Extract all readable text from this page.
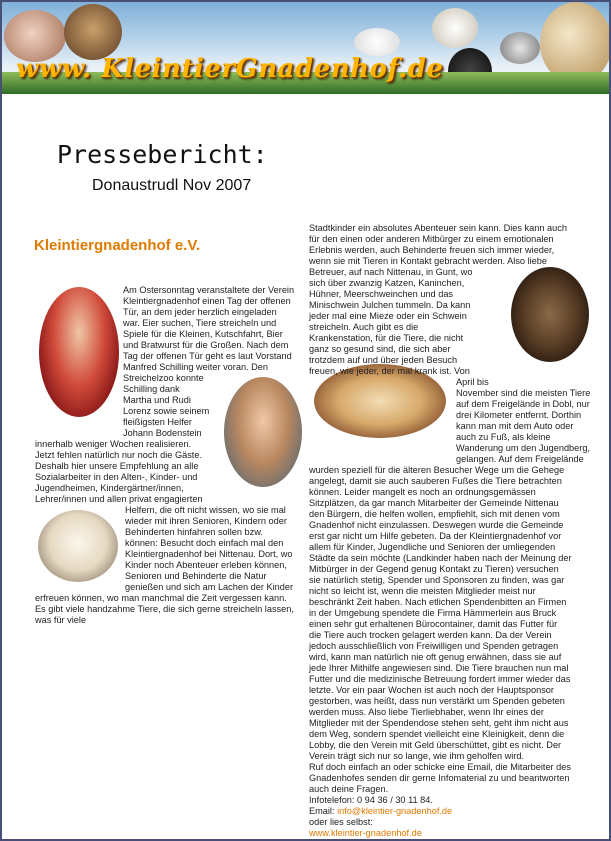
www. KleintierGnadenhof.de
Pressebericht:
Donaustrudl Nov 2007
Kleintiergnadenhof e.V.
Am Ostersonntag veranstaltete der Verein
Kleintiergnadenhof einen Tag der offenen
Tür, an dem jeder herzlich eingeladen
war. Eier suchen, Tiere streicheln und
Spiele für die Kleinen, Kutschfahrt, Bier
und Bratwurst für die Großen. Nach dem
Tag der offenen Tür geht es laut Vorstand
Manfred Schilling weiter voran. Den
Streichelzoo konnte
Schilling dank
Martha und Rudi
Lorenz sowie seinem
fleißigsten Helfer
Johann Bodenstein
innerhalb weniger Wochen realisieren.
Jetzt fehlen natürlich nur noch die Gäste.
Deshalb hier unsere Empfehlung an alle
Sozialarbeiter in den Alten-, Kinder- und
Jugendheimen, Kindergärtner/innen,
Lehrer/innen und allen privat engagierten
Helfern, die oft nicht wissen, wo sie mal
wieder mit ihren Senioren, Kindern oder
Behinderten hinfahren sollen bzw.
können: Besucht doch einfach mal den
Kleintiergnadenhof bei Nittenau. Dort, wo
Kinder noch Abenteuer erleben können,
Senioren und Behinderte die Natur
genießen und sich am Lachen der Kinder
erfreuen können, wo man manchmal die Zeit vergessen kann.
Es gibt viele handzahme Tiere, die sich gerne streicheln lassen,
was für viele
Stadtkinder ein absolutes Abenteuer sein kann. Dies kann auch
für den einen oder anderen Mitbürger zu einem emotionalen
Erlebnis werden, auch Behinderte freuen sich immer wieder,
wenn sie mit Tieren in Kontakt gebracht werden. Also liebe
Betreuer, auf nach Nittenau, in Gunt, wo
sich über zwanzig Katzen, Kaninchen,
Hühner, Meerschweinchen und das
Minischwein Julchen tummeln. Da kann
jeder mal eine Mieze oder ein Schwein
streicheln. Auch gibt es die
Krankenstation, für die Tiere, die nicht
ganz so gesund sind, die sich aber
trotzdem auf und über jeden Besuch
freuen, wie jeder, der mal krank ist. Von
April bis
November sind die meisten Tiere
auf dem Freigelände in Dobl, nur
drei Kilometer entfernt. Dorthin
kann man mit dem Auto oder
auch zu Fuß, als kleine
Wanderung um den Jugendberg,
gelangen. Auf dem Freigelände
wurden speziell für die älteren Besucher Wege um die Gehege
angelegt, damit sie auch sauberen Fußes die Tiere betrachten
können. Leider mangelt es noch an ordnungsgemässen
Sitzplätzen, da gar manch Mitarbeiter der Gemeinde Nittenau
den Bürgern, die helfen wollen, empfiehlt, sich mit denen vom
Gnadenhof nicht einzulassen. Deswegen wurde die Gemeinde
erst gar nicht um Hilfe gebeten. Da der Kleintiergnadenhof vor
allem für Kinder, Jugendliche und Senioren der umliegenden
Städte da sein möchte (Landkinder haben nach der Meinung der
Mitbürger in der Gegend genug Kontakt zu Tieren) versuchen
sie natürlich stetig, Spender und Sponsoren zu finden, was gar
nicht so leicht ist, wenn die meisten Mitglieder meist nur
beschränkt Zeit haben. Nach etlichen Spendenbitten an Firmen
in der Umgebung spendete die Firma Hämmerlein aus Bruck
einen sehr gut erhaltenen Bürocontainer, damit das Futter für
die Tiere auch trocken gelagert werden kann. Da der Verein
jedoch ausschließlich von Freiwilligen und Spenden getragen
wird, kann man natürlich nie oft genug erwähnen, dass sie auf
jede Ihrer Mithilfe angewiesen sind. Die Tiere brauchen nun mal
Futter und die medizinische Betreuung fordert immer wieder das
letzte. Vor ein paar Wochen ist auch noch der Hauptsponsor
gestorben, was heißt, dass nun verstärkt um Spenden gebeten
werden muss. Also liebe Tierliebhaber, wenn Ihr eines der
Mitglieder mit der Spendendose stehen seht, geht ihm nicht aus
dem Weg, sondern spendet vielleicht eine Kleinigkeit, denn die
Lobby, die den Verein mit Geld überschüttet, gibt es nicht. Der
Verein trägt sich nur so lange, wie ihm geholfen wird.
Ruf doch einfach an oder schicke eine Email, die Mitarbeiter des
Gnadenhofes senden dir gerne Infomaterial zu und beantworten
auch deine Fragen.
Infotelefon: 0 94 36 / 30 11 84.
Email: info@kleintier-gnadenhof.de
oder lies selbst:
www.kleintier-gnadenhof.de
